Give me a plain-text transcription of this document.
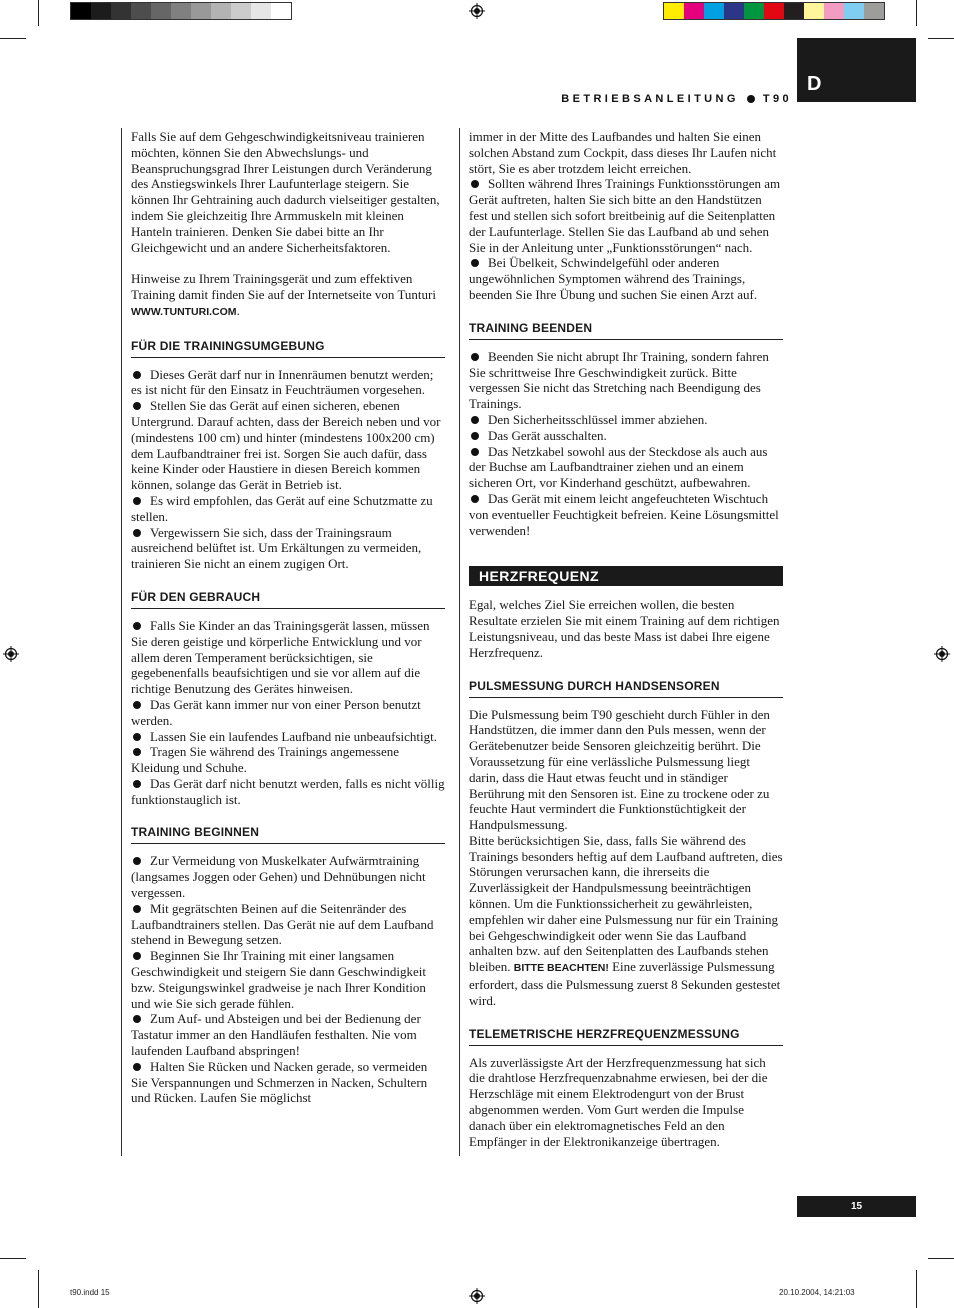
BETRIEBSANLEITUNG T90
D

Falls Sie auf dem Gehgeschwindigkeitsniveau trainieren möchten, können Sie den Abwechslungs- und Beanspruchungsgrad Ihrer Leistungen durch Veränderung des Anstiegswinkels Ihrer Laufunterlage steigern. Sie können Ihr Gehtraining auch dadurch vielseitiger gestalten, indem Sie gleichzeitig Ihre Armmuskeln mit kleinen Hanteln trainieren. Denken Sie dabei bitte an Ihr Gleichgewicht und an andere Sicherheitsfaktoren.

Hinweise zu Ihrem Trainingsgerät und zum effektiven Training damit finden Sie auf der Internetseite von Tunturi WWW.TUNTURI.COM.

FÜR DIE TRAININGSUMGEBUNG

Dieses Gerät darf nur in Innenräumen benutzt werden; es ist nicht für den Einsatz in Feuchträumen vorgesehen.

Stellen Sie das Gerät auf einen sicheren, ebenen Untergrund. Darauf achten, dass der Bereich neben und vor (mindestens 100 cm) und hinter (mindestens 100x200 cm) dem Laufbandtrainer frei ist. Sorgen Sie auch dafür, dass keine Kinder oder Haustiere in diesen Bereich kommen können, solange das Gerät in Betrieb ist.

Es wird empfohlen, das Gerät auf eine Schutzmatte zu stellen.

Vergewissern Sie sich, dass der Trainingsraum ausreichend belüftet ist. Um Erkältungen zu vermeiden, trainieren Sie nicht an einem zugigen Ort.

FÜR DEN GEBRAUCH

Falls Sie Kinder an das Trainingsgerät lassen, müssen Sie deren geistige und körperliche Entwicklung und vor allem deren Temperament berücksichtigen, sie gegebenenfalls beaufsichtigen und sie vor allem auf die richtige Benutzung des Gerätes hinweisen.

Das Gerät kann immer nur von einer Person benutzt werden.

Lassen Sie ein laufendes Laufband nie unbeaufsichtigt.

Tragen Sie während des Trainings angemessene Kleidung und Schuhe.

Das Gerät darf nicht benutzt werden, falls es nicht völlig funktionstauglich ist.

TRAINING BEGINNEN

Zur Vermeidung von Muskelkater Aufwärmtraining (langsames Joggen oder Gehen) und Dehnübungen nicht vergessen.

Mit gegrätschten Beinen auf die Seitenränder des Laufbandtrainers stellen. Das Gerät nie auf dem Laufband stehend in Bewegung setzen.

Beginnen Sie Ihr Training mit einer langsamen Geschwindigkeit und steigern Sie dann Geschwindigkeit bzw. Steigungswinkel gradweise je nach Ihrer Kondition und wie Sie sich gerade fühlen.

Zum Auf- und Absteigen und bei der Bedienung der Tastatur immer an den Handläufen festhalten. Nie vom laufenden Laufband abspringen!

Halten Sie Rücken und Nacken gerade, so vermeiden Sie Verspannungen und Schmerzen in Nacken, Schultern und Rücken. Laufen Sie möglichst

immer in der Mitte des Laufbandes und halten Sie einen solchen Abstand zum Cockpit, dass dieses Ihr Laufen nicht stört, Sie es aber trotzdem leicht erreichen.

Sollten während Ihres Trainings Funktionsstörungen am Gerät auftreten, halten Sie sich bitte an den Handstützen fest und stellen sich sofort breitbeinig auf die Seitenplatten der Laufunterlage. Stellen Sie das Laufband ab und sehen Sie in der Anleitung unter „Funktionsstörungen“ nach.

Bei Übelkeit, Schwindelgefühl oder anderen ungewöhnlichen Symptomen während des Trainings, beenden Sie Ihre Übung und suchen Sie einen Arzt auf.

TRAINING BEENDEN

Beenden Sie nicht abrupt Ihr Training, sondern fahren Sie schrittweise Ihre Geschwindigkeit zurück. Bitte vergessen Sie nicht das Stretching nach Beendigung des Trainings.

Den Sicherheitsschlüssel immer abziehen.

Das Gerät ausschalten.

Das Netzkabel sowohl aus der Steckdose als auch aus der Buchse am Laufbandtrainer ziehen und an einem sicheren Ort, vor Kinderhand geschützt, aufbewahren.

Das Gerät mit einem leicht angefeuchteten Wischtuch von eventueller Feuchtigkeit befreien. Keine Lösungsmittel verwenden!

HERZFREQUENZ

Egal, welches Ziel Sie erreichen wollen, die besten Resultate erzielen Sie mit einem Training auf dem richtigen Leistungsniveau, und das beste Mass ist dabei Ihre eigene Herzfrequenz.

PULSMESSUNG DURCH HANDSENSOREN

Die Pulsmessung beim T90 geschieht durch Fühler in den Handstützen, die immer dann den Puls messen, wenn der Gerätebenutzer beide Sensoren gleichzeitig berührt. Die Voraussetzung für eine verlässliche Pulsmessung liegt darin, dass die Haut etwas feucht und in ständiger Berührung mit den Sensoren ist. Eine zu trockene oder zu feuchte Haut vermindert die Funktionstüchtigkeit der Handpulsmessung.

Bitte berücksichtigen Sie, dass, falls Sie während des Trainings besonders heftig auf dem Laufband auftreten, dies Störungen verursachen kann, die ihrerseits die Zuverlässigkeit der Handpulsmessung beeinträchtigen können. Um die Funktionssicherheit zu gewährleisten, empfehlen wir daher eine Pulsmessung nur für ein Training bei Gehgeschwindigkeit oder wenn Sie das Laufband anhalten bzw. auf den Seitenplatten des Laufbands stehen bleiben. BITTE BEACHTEN! Eine zuverlässige Pulsmessung erfordert, dass die Pulsmessung zuerst 8 Sekunden gestestet wird.

TELEMETRISCHE HERZFREQUENZMESSUNG

Als zuverlässigste Art der Herzfrequenzmessung hat sich die drahtlose Herzfrequenzabnahme erwiesen, bei der die Herzschläge mit einem Elektrodengurt von der Brust abgenommen werden. Vom Gurt werden die Impulse danach über ein elektromagnetisches Feld an den Empfänger in der Elektronikanzeige übertragen.

15
t90.indd 15	20.10.2004, 14:21:03
